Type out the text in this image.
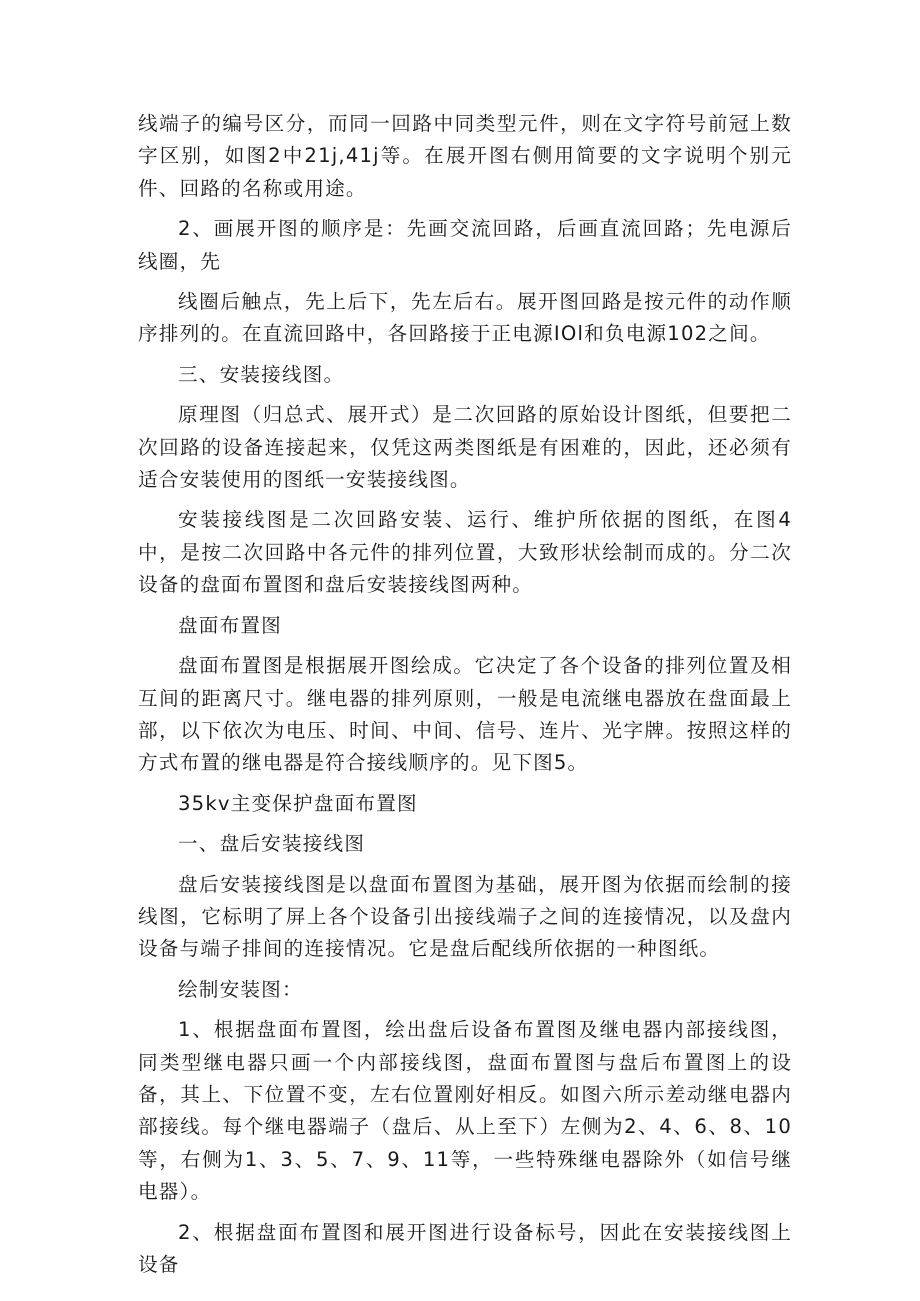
线端子的编号区分，而同一回路中同类型元件，则在文字符号前冠上数字区别，如图2中21j,41j等。在展开图右侧用简要的文字说明个别元件、回路的名称或用途。

2、画展开图的顺序是：先画交流回路，后画直流回路；先电源后线圈，先

线圈后触点，先上后下，先左后右。展开图回路是按元件的动作顺序排列的。在直流回路中，各回路接于正电源IOl和负电源102之间。

三、安装接线图。

原理图（归总式、展开式）是二次回路的原始设计图纸，但要把二次回路的设备连接起来，仅凭这两类图纸是有困难的，因此，还必须有适合安装使用的图纸一安装接线图。

安装接线图是二次回路安装、运行、维护所依据的图纸，在图4中，是按二次回路中各元件的排列位置，大致形状绘制而成的。分二次设备的盘面布置图和盘后安装接线图两种。

盘面布置图

盘面布置图是根据展开图绘成。它决定了各个设备的排列位置及相互间的距离尺寸。继电器的排列原则，一般是电流继电器放在盘面最上部，以下依次为电压、时间、中间、信号、连片、光字牌。按照这样的方式布置的继电器是符合接线顺序的。见下图5。

35kv主变保护盘面布置图

一、盘后安装接线图

盘后安装接线图是以盘面布置图为基础，展开图为依据而绘制的接线图，它标明了屏上各个设备引出接线端子之间的连接情况，以及盘内设备与端子排间的连接情况。它是盘后配线所依据的一种图纸。

绘制安装图：

1、根据盘面布置图，绘出盘后设备布置图及继电器内部接线图，同类型继电器只画一个内部接线图，盘面布置图与盘后布置图上的设备，其上、下位置不变，左右位置刚好相反。如图六所示差动继电器内部接线。每个继电器端子（盘后、从上至下）左侧为2、4、6、8、10等，右侧为1、3、5、7、9、11等，一些特殊继电器除外（如信号继电器）。

2、根据盘面布置图和展开图进行设备标号，因此在安装接线图上设备
